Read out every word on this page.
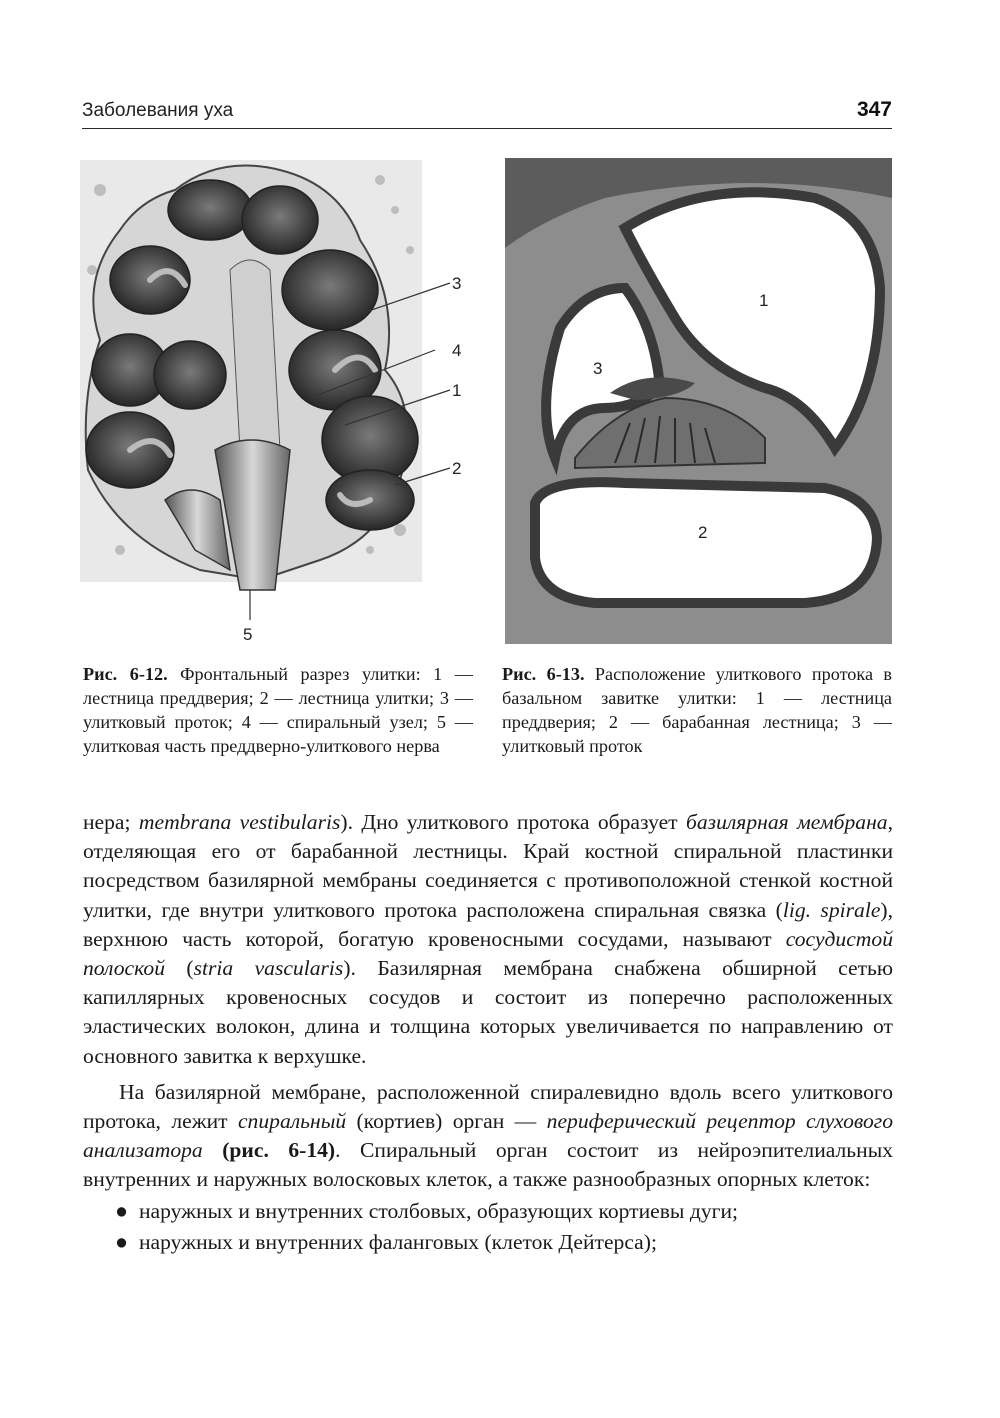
Заболевания уха	347
3
4
1
2
5
1
3
2
Рис. 6-12. Фронтальный разрез улитки: 1 — лестница преддверия; 2 — лестница улитки; 3 — улитковый проток; 4 — спиральный узел; 5 — улитковая часть преддверно-улиткового нерва
Рис. 6-13. Расположение улиткового протока в базальном завитке улитки: 1 — лестница преддверия; 2 — барабанная лестница; 3 — улитковый проток

нера; membrana vestibularis). Дно улиткового протока образует базилярная мембрана, отделяющая его от барабанной лестницы. Край костной спиральной пластинки посредством базилярной мембраны соединяется с противоположной стенкой костной улитки, где внутри улиткового протока расположена спиральная связка (lig. spirale), верхнюю часть которой, богатую кровеносными сосудами, называют сосудистой полоской (stria vascularis). Базилярная мембрана снабжена обширной сетью капиллярных кровеносных сосудов и состоит из поперечно расположенных эластических волокон, длина и толщина которых увеличивается по направлению от основного завитка к верхушке.

На базилярной мембране, расположенной спиралевидно вдоль всего улиткового протока, лежит спиральный (кортиев) орган — периферический рецептор слухового анализатора (рис. 6-14). Спиральный орган состоит из нейроэпителиальных внутренних и наружных волосковых клеток, а также разнообразных опорных клеток:

● наружных и внутренних столбовых, образующих кортиевы дуги;
● наружных и внутренних фаланговых (клеток Дейтерса);
